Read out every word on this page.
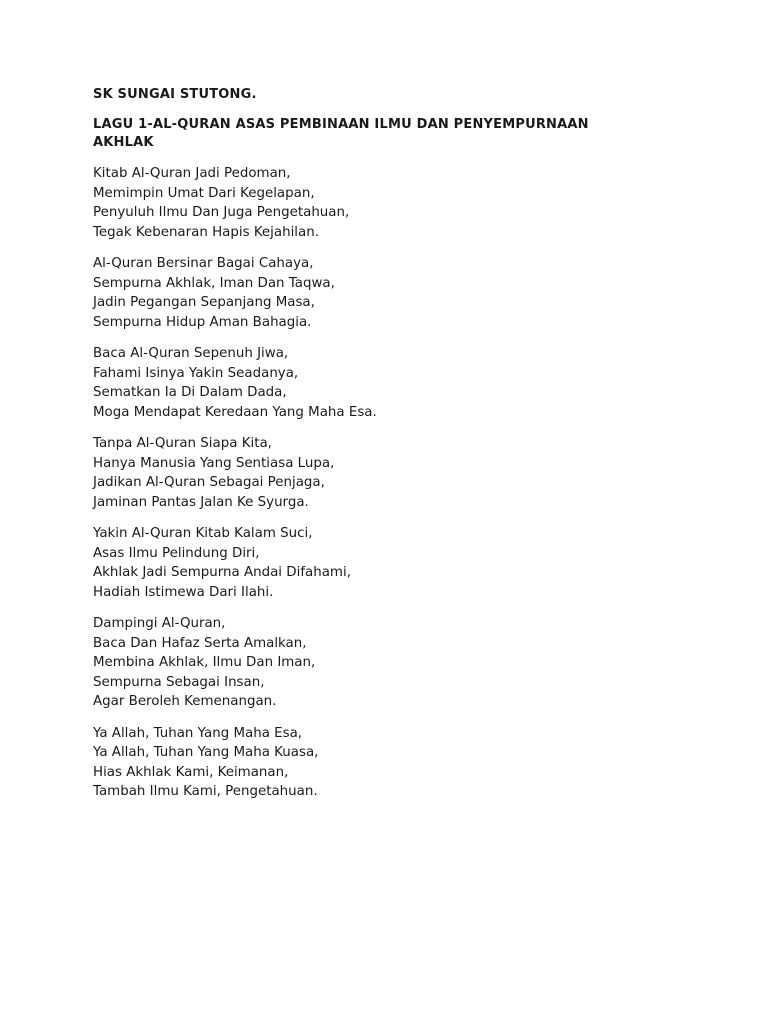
SK SUNGAI STUTONG.
LAGU 1-AL-QURAN ASAS PEMBINAAN ILMU DAN PENYEMPURNAAN AKHLAK
Kitab Al-Quran Jadi Pedoman,
Memimpin Umat Dari Kegelapan,
Penyuluh Ilmu Dan Juga Pengetahuan,
Tegak Kebenaran Hapis Kejahilan.
Al-Quran Bersinar Bagai Cahaya,
Sempurna Akhlak, Iman Dan Taqwa,
Jadin Pegangan Sepanjang Masa,
Sempurna Hidup Aman Bahagia.
Baca Al-Quran Sepenuh Jiwa,
Fahami Isinya Yakin Seadanya,
Sematkan Ia Di Dalam Dada,
Moga Mendapat Keredaan Yang Maha Esa.
Tanpa Al-Quran Siapa Kita,
Hanya Manusia Yang Sentiasa Lupa,
Jadikan Al-Quran Sebagai Penjaga,
Jaminan Pantas Jalan Ke Syurga.
Yakin Al-Quran Kitab Kalam Suci,
Asas Ilmu Pelindung Diri,
Akhlak Jadi Sempurna Andai Difahami,
Hadiah Istimewa Dari Ilahi.
Dampingi Al-Quran,
Baca Dan Hafaz Serta Amalkan,
Membina Akhlak, Ilmu Dan Iman,
Sempurna Sebagai Insan,
Agar Beroleh Kemenangan.
Ya Allah, Tuhan Yang Maha Esa,
Ya Allah, Tuhan Yang Maha Kuasa,
Hias Akhlak Kami, Keimanan,
Tambah Ilmu Kami, Pengetahuan.
